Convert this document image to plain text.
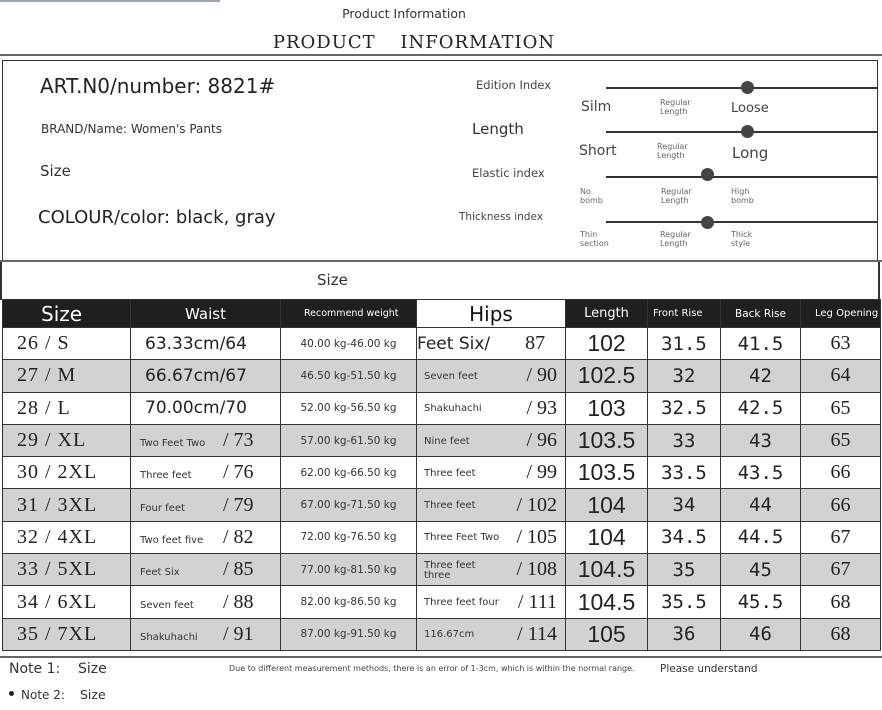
Product Information
PRODUCT INFORMATION
ART.N0/number: 8821#
BRAND/Name: Women's Pants
Size
COLOUR/color: black, gray
Edition Index
Silm	Regular Length	Loose
Length
Short	Regular Length	Long
Elastic index
No bomb
Regular Length
High bomb
Thickness index
Thin section
Regular Length
Thick style
Size
Size	Waist	Recommend weight	Hips	Length	Front Rise	Back Rise	Leg Opening
26 / S	63.33cm/64	40.00 kg-46.00 kg	Feet Six/ 87	102	31.5	41.5	63
27 / M	66.67cm/67	46.50 kg-51.50 kg	Seven feet / 90	102.5	32	42	64
28 / L	70.00cm/70	52.00 kg-56.50 kg	Shakuhachi / 93	103	32.5	42.5	65
29 / XL	Two Feet Two / 73	57.00 kg-61.50 kg	Nine feet / 96	103.5	33	43	65
30 / 2XL	Three feet / 76	62.00 kg-66.50 kg	Three feet / 99	103.5	33.5	43.5	66
31 / 3XL	Four feet / 79	67.00 kg-71.50 kg	Three feet / 102	104	34	44	66
32 / 4XL	Two feet five / 82	72.00 kg-76.50 kg	Three Feet Two / 105	104	34.5	44.5	67
33 / 5XL	Feet Six / 85	77.00 kg-81.50 kg	Three feet three / 108	104.5	35	45	67
34 / 6XL	Seven feet / 88	82.00 kg-86.50 kg	Three feet four / 111	104.5	35.5	45.5	68
35 / 7XL	Shakuhachi / 91	87.00 kg-91.50 kg	116.67cm / 114	105	36	46	68
Note 1: Size	Due to different measurement methods, there is an error of 1-3cm, which is within the normal range. Please understand
Note 2: Size
